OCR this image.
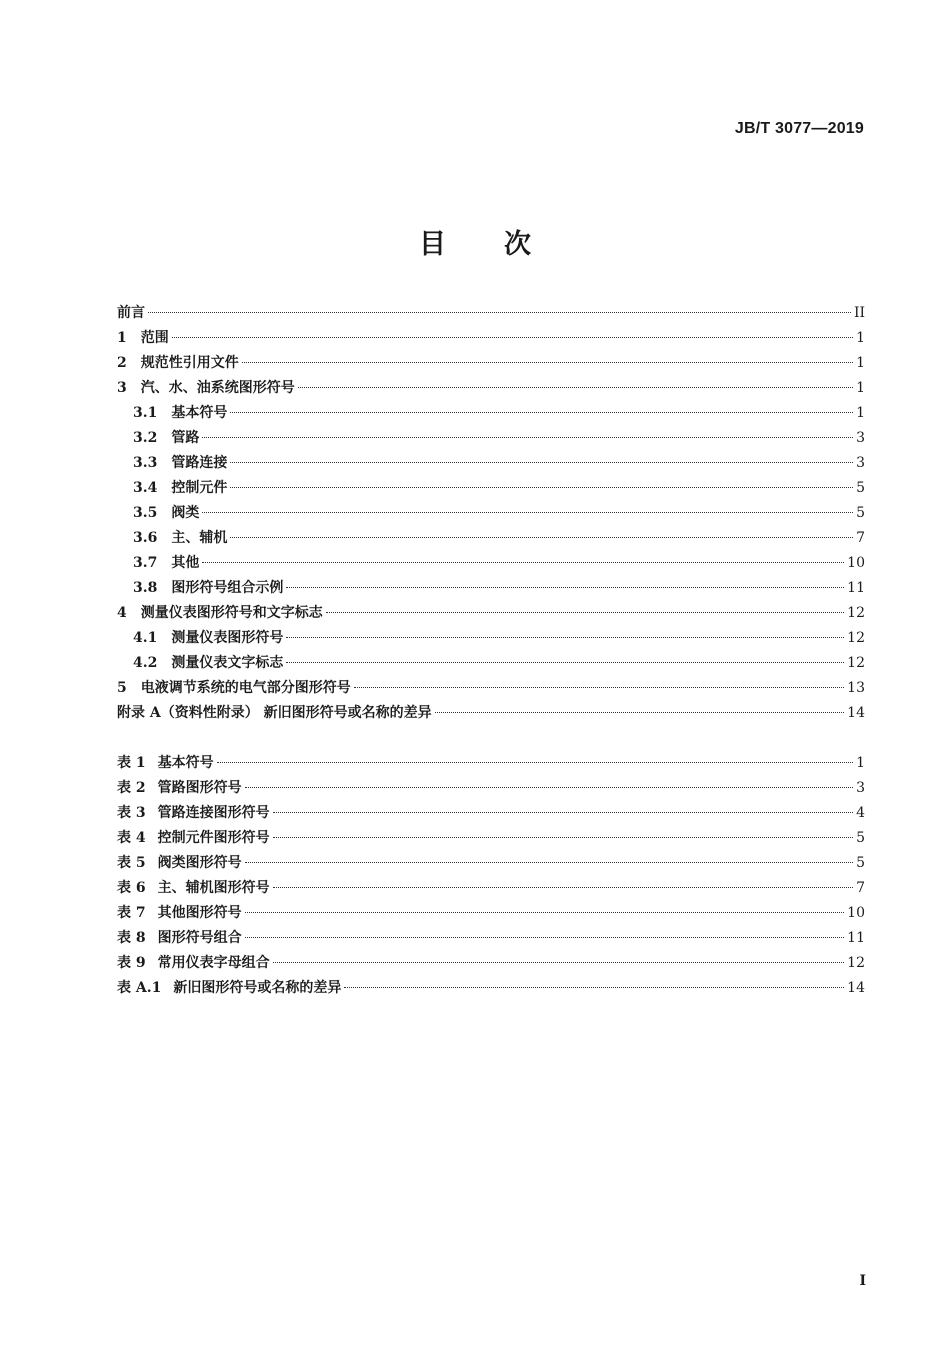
JB/T 3077—2019
目次
前言	II
1 范围	1
2 规范性引用文件	1
3 汽、水、油系统图形符号	1
3.1 基本符号	1
3.2 管路	3
3.3 管路连接	3
3.4 控制元件	5
3.5 阀类	5
3.6 主、辅机	7
3.7 其他	10
3.8 图形符号组合示例	11
4 测量仪表图形符号和文字标志	12
4.1 测量仪表图形符号	12
4.2 测量仪表文字标志	12
5 电液调节系统的电气部分图形符号	13
附录 A（资料性附录） 新旧图形符号或名称的差异	14
表 1 基本符号	1
表 2 管路图形符号	3
表 3 管路连接图形符号	4
表 4 控制元件图形符号	5
表 5 阀类图形符号	5
表 6 主、辅机图形符号	7
表 7 其他图形符号	10
表 8 图形符号组合	11
表 9 常用仪表字母组合	12
表 A.1 新旧图形符号或名称的差异	14
I
